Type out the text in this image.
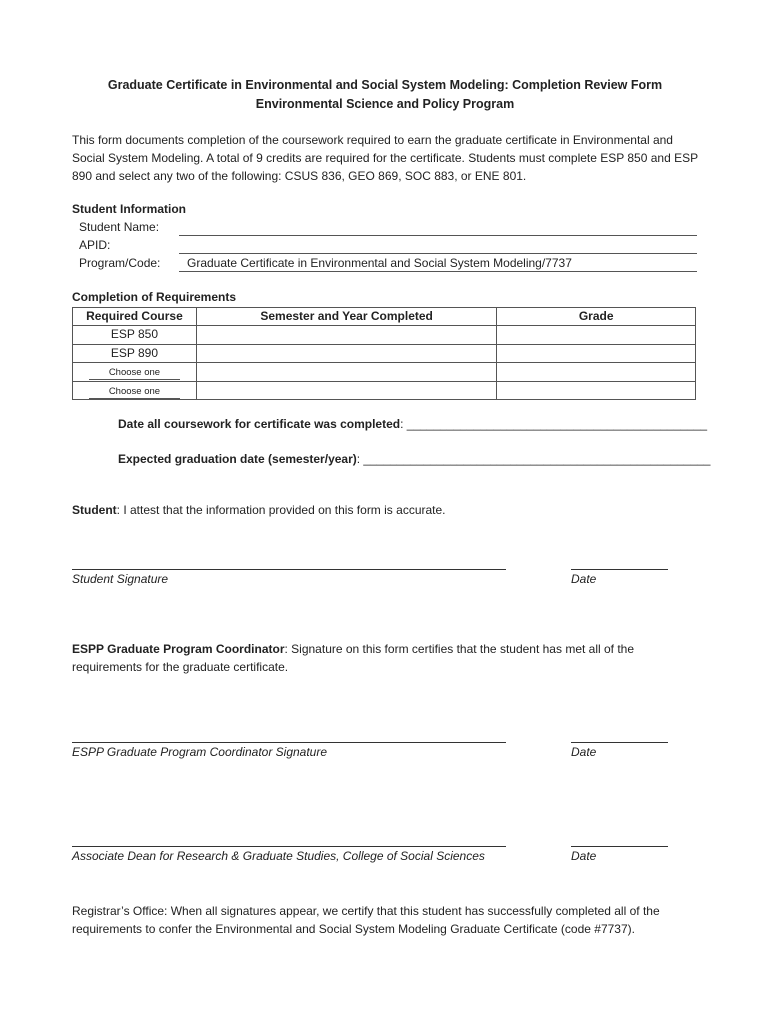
Graduate Certificate in Environmental and Social System Modeling: Completion Review Form
Environmental Science and Policy Program
This form documents completion of the coursework required to earn the graduate certificate in Environmental and Social System Modeling. A total of 9 credits are required for the certificate. Students must complete ESP 850 and ESP 890 and select any two of the following: CSUS 836, GEO 869, SOC 883, or ENE 801.
Student Information
Student Name:
APID:
Program/Code: Graduate Certificate in Environmental and Social System Modeling/7737
Completion of Requirements
Required Course	Semester and Year Completed	Grade
ESP 850		
ESP 890		
Choose one		
Choose one		
Date all coursework for certificate was completed: _____________________________________________
Expected graduation date (semester/year): ____________________________________________________
Student: I attest that the information provided on this form is accurate.
Student Signature	Date
ESPP Graduate Program Coordinator: Signature on this form certifies that the student has met all of the requirements for the graduate certificate.
ESPP Graduate Program Coordinator Signature	Date
Associate Dean for Research & Graduate Studies, College of Social Sciences	Date
Registrar’s Office: When all signatures appear, we certify that this student has successfully completed all of the requirements to confer the Environmental and Social System Modeling Graduate Certificate (code #7737).
